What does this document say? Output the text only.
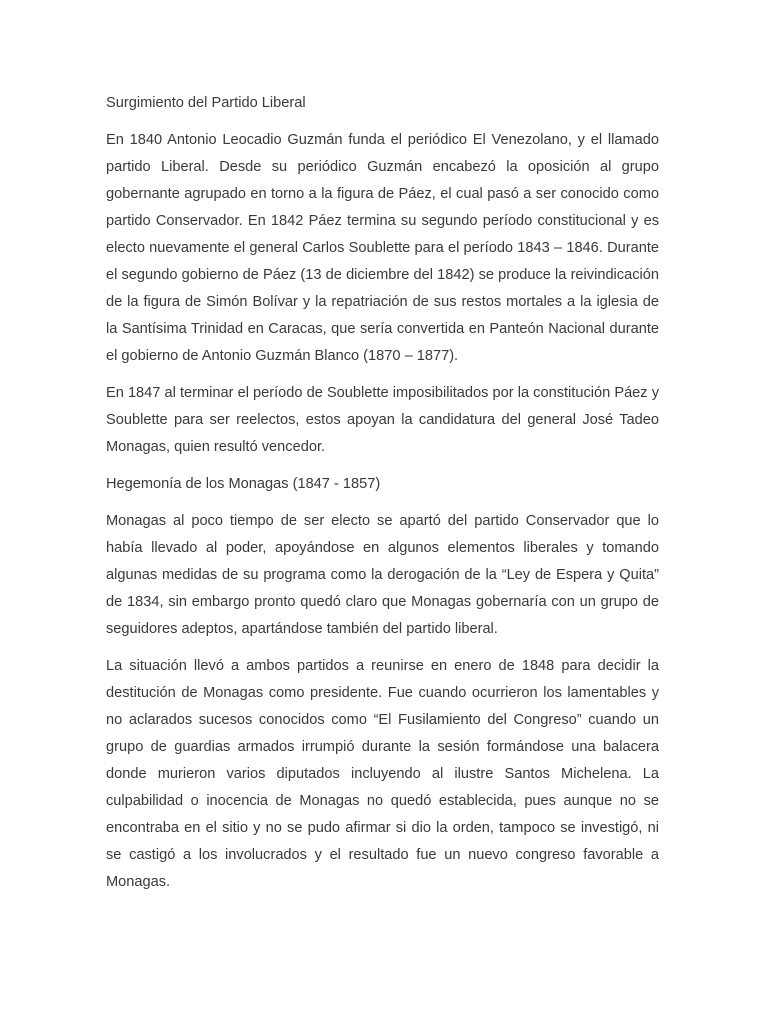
Surgimiento del Partido Liberal

En 1840 Antonio Leocadio Guzmán funda el periódico El Venezolano, y el llamado partido Liberal. Desde su periódico Guzmán encabezó la oposición al grupo gobernante agrupado en torno a la figura de Páez, el cual pasó a ser conocido como partido Conservador. En 1842 Páez termina su segundo período constitucional y es electo nuevamente el general Carlos Soublette para el período 1843 – 1846. Durante el segundo gobierno de Páez (13 de diciembre del 1842) se produce la reivindicación de la figura de Simón Bolívar y la repatriación de sus restos mortales a la iglesia de la Santísima Trinidad en Caracas, que sería convertida en Panteón Nacional durante el gobierno de Antonio Guzmán Blanco (1870 – 1877).

En 1847 al terminar el período de Soublette imposibilitados por la constitución Páez y Soublette para ser reelectos, estos apoyan la candidatura del general José Tadeo Monagas, quien resultó vencedor.

Hegemonía de los Monagas (1847 - 1857)

Monagas al poco tiempo de ser electo se apartó del partido Conservador que lo había llevado al poder, apoyándose en algunos elementos liberales y tomando algunas medidas de su programa como la derogación de la “Ley de Espera y Quita” de 1834, sin embargo pronto quedó claro que Monagas gobernaría con un grupo de seguidores adeptos, apartándose también del partido liberal.

La situación llevó a ambos partidos a reunirse en enero de 1848 para decidir la destitución de Monagas como presidente. Fue cuando ocurrieron los lamentables y no aclarados sucesos conocidos como “El Fusilamiento del Congreso” cuando un grupo de guardias armados irrumpió durante la sesión formándose una balacera donde murieron varios diputados incluyendo al ilustre Santos Michelena. La culpabilidad o inocencia de Monagas no quedó establecida, pues aunque no se encontraba en el sitio y no se pudo afirmar si dio la orden, tampoco se investigó, ni se castigó a los involucrados y el resultado fue un nuevo congreso favorable a Monagas.
